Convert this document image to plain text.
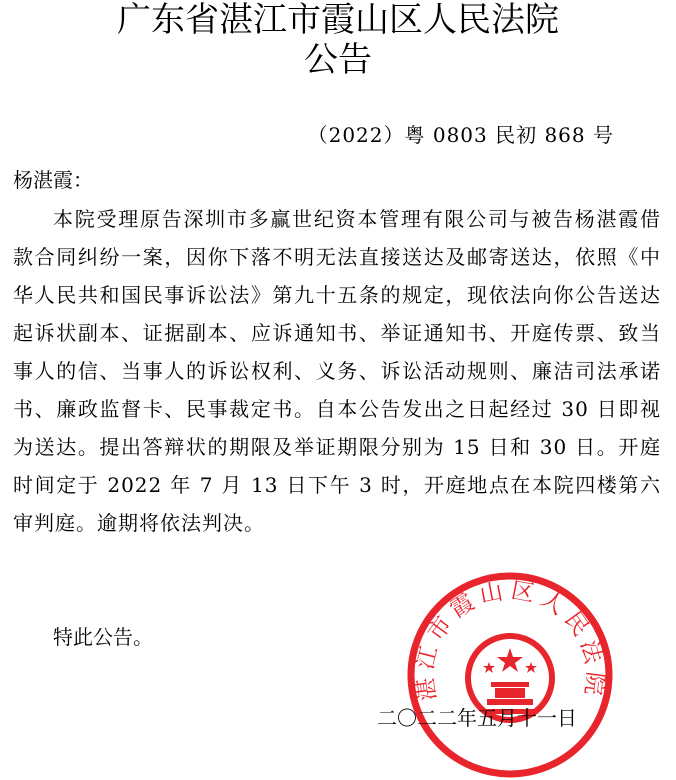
广东省湛江市霞山区人民法院
公告
（2022）粤 0803 民初 868 号
杨湛霞：

本院受理原告深圳市多赢世纪资本管理有限公司与被告杨湛霞借款合同纠纷一案，因你下落不明无法直接送达及邮寄送达，依照《中华人民共和国民事诉讼法》第九十五条的规定，现依法向你公告送达起诉状副本、证据副本、应诉通知书、举证通知书、开庭传票、致当事人的信、当事人的诉讼权利、义务、诉讼活动规则、廉洁司法承诺书、廉政监督卡、民事裁定书。自本公告发出之日起经过 30 日即视为送达。提出答辩状的期限及举证期限分别为 15 日和 30 日。开庭时间定于 2022 年 7 月 13 日下午 3 时，开庭地点在本院四楼第六审判庭。逾期将依法判决。

特此公告。
湛江市霞山区人民法院
二〇二二年五月十一日
